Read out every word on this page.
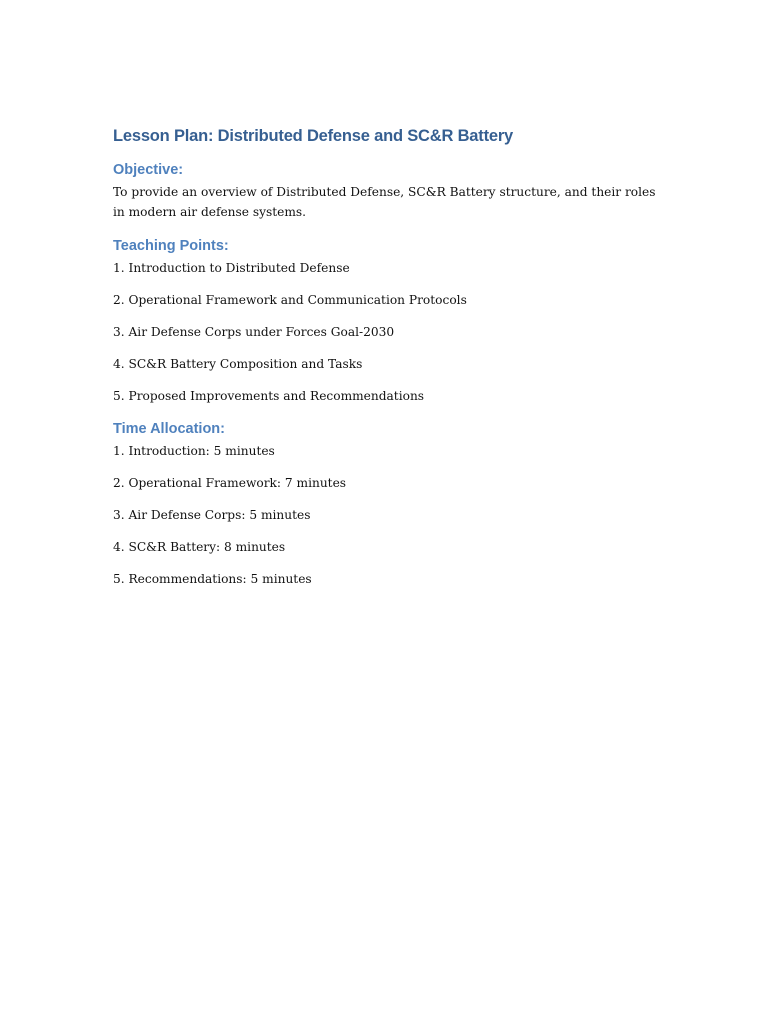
Lesson Plan: Distributed Defense and SC&R Battery
Objective:

To provide an overview of Distributed Defense, SC&R Battery structure, and their roles in modern air defense systems.

Teaching Points:

1. Introduction to Distributed Defense

2. Operational Framework and Communication Protocols

3. Air Defense Corps under Forces Goal-2030

4. SC&R Battery Composition and Tasks

5. Proposed Improvements and Recommendations

Time Allocation:

1. Introduction: 5 minutes

2. Operational Framework: 7 minutes

3. Air Defense Corps: 5 minutes

4. SC&R Battery: 8 minutes

5. Recommendations: 5 minutes
